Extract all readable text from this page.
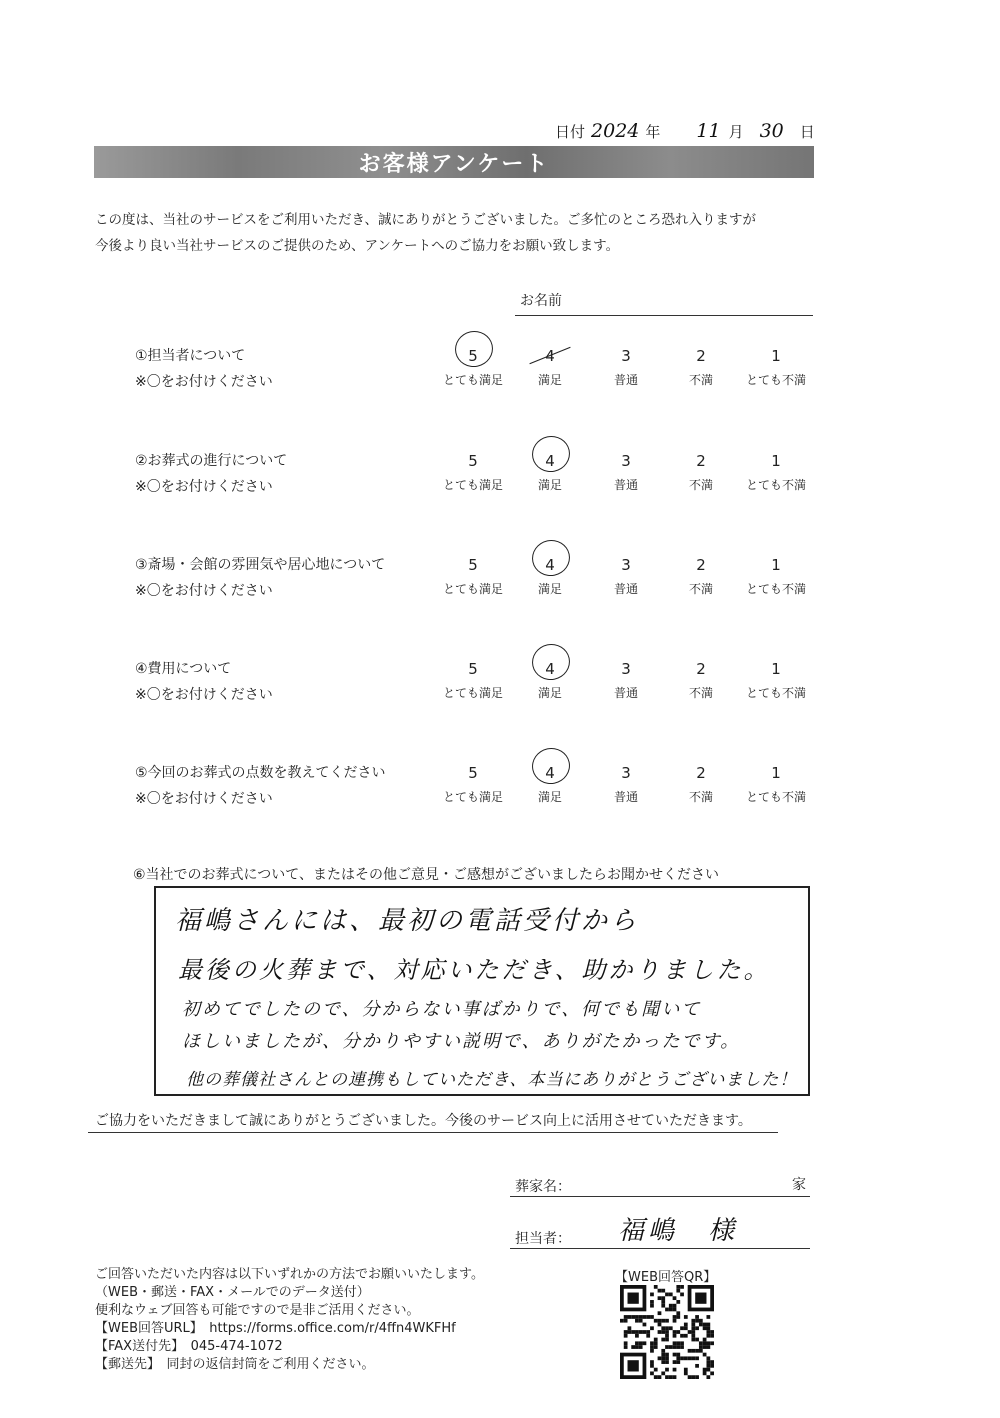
日付 2024 年 11 月 30 日
お客様アンケート
この度は、当社のサービスをご利用いただき、誠にありがとうございました。ご多忙のところ恐れ入りますが
今後より良い当社サービスのご提供のため、アンケートへのご協力をお願い致します。
お名前
①担当者について
※〇をお付けください
5
とても満足
4
満足
3
普通
2
不満
1
とても不満
②お葬式の進行について
※〇をお付けください
5
とても満足
4
満足
3
普通
2
不満
1
とても不満
③斎場・会館の雰囲気や居心地について
※〇をお付けください
5
とても満足
4
満足
3
普通
2
不満
1
とても不満
④費用について
※〇をお付けください
5
とても満足
4
満足
3
普通
2
不満
1
とても不満
⑤今回のお葬式の点数を教えてください
※〇をお付けください
5
とても満足
4
満足
3
普通
2
不満
1
とても不満
⑥当社でのお葬式について、またはその他ご意見・ご感想がございましたらお聞かせください
福嶋さんには、最初の電話受付から
最後の火葬まで、対応いただき、助かりました。
初めてでしたので、分からない事ばかりで、何でも聞いて
ほしいましたが、分かりやすい説明で、ありがたかったです。
他の葬儀社さんとの連携もしていただき、本当にありがとうございました！
ご協力をいただきまして誠にありがとうございました。今後のサービス向上に活用させていただきます。
葬家名：	家
担当者： 福嶋　様
ご回答いただいた内容は以下いずれかの方法でお願いいたします。
（WEB・郵送・FAX・メールでのデータ送付）
便利なウェブ回答も可能ですので是非ご活用ください。
【WEB回答URL】　https://forms.office.com/r/4ffn4WKFHf
【FAX送付先】　045-474-1072
【郵送先】　同封の返信封筒をご利用ください。
【WEB回答QR】
